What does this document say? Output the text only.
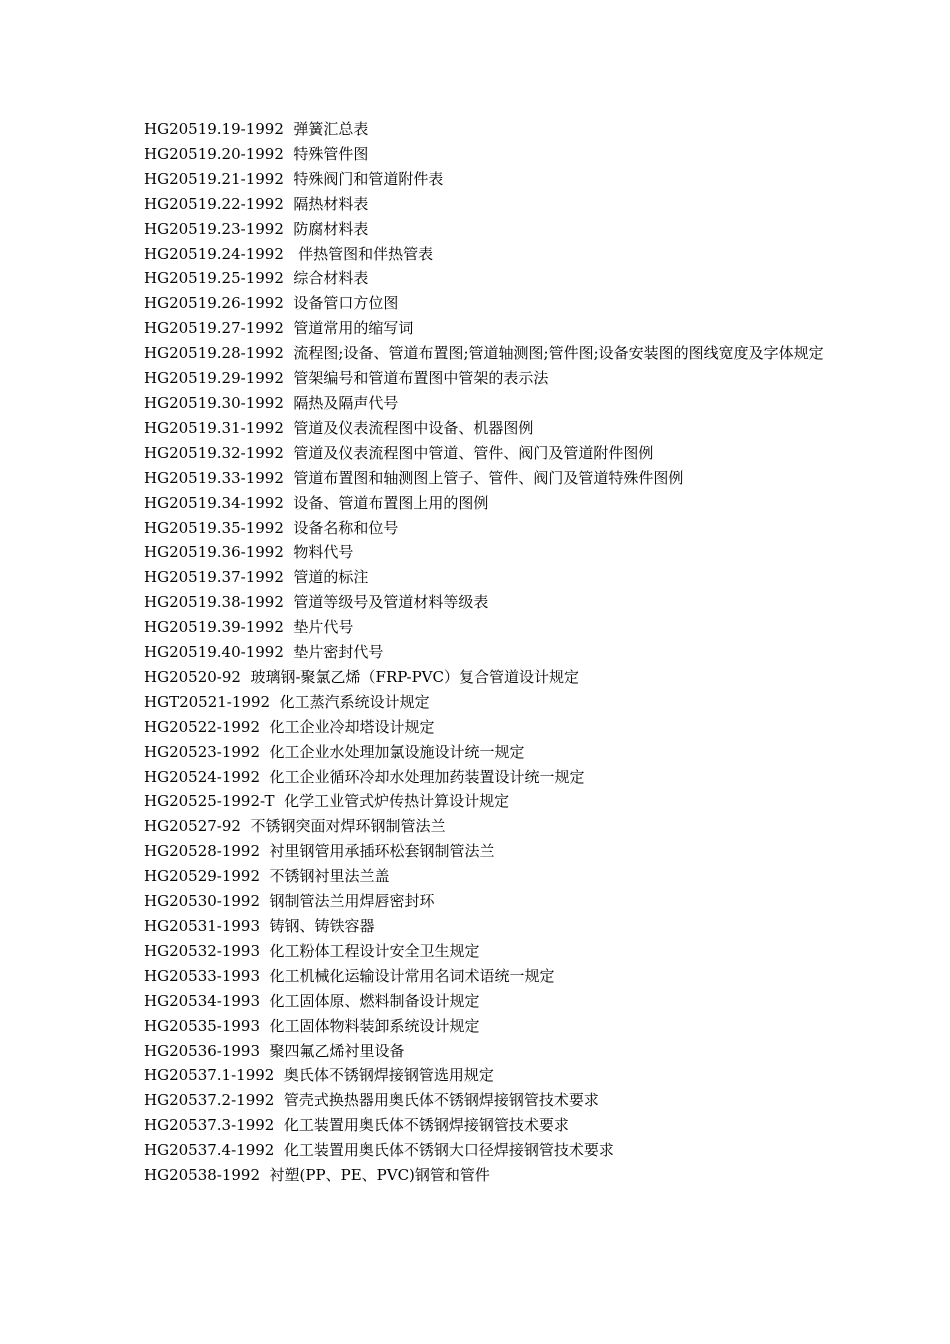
HG20519.19-1992  弹簧汇总表
HG20519.20-1992  特殊管件图
HG20519.21-1992  特殊阀门和管道附件表
HG20519.22-1992  隔热材料表
HG20519.23-1992  防腐材料表
HG20519.24-1992   伴热管图和伴热管表
HG20519.25-1992  综合材料表
HG20519.26-1992  设备管口方位图
HG20519.27-1992  管道常用的缩写词
HG20519.28-1992  流程图;设备、管道布置图;管道轴测图;管件图;设备安装图的图线宽度及字体规定
HG20519.29-1992  管架编号和管道布置图中管架的表示法
HG20519.30-1992  隔热及隔声代号
HG20519.31-1992  管道及仪表流程图中设备、机器图例
HG20519.32-1992  管道及仪表流程图中管道、管件、阀门及管道附件图例
HG20519.33-1992  管道布置图和轴测图上管子、管件、阀门及管道特殊件图例
HG20519.34-1992  设备、管道布置图上用的图例
HG20519.35-1992  设备名称和位号
HG20519.36-1992  物料代号
HG20519.37-1992  管道的标注
HG20519.38-1992  管道等级号及管道材料等级表
HG20519.39-1992  垫片代号
HG20519.40-1992  垫片密封代号
HG20520-92  玻璃钢-聚氯乙烯（FRP-PVC）复合管道设计规定
HGT20521-1992  化工蒸汽系统设计规定
HG20522-1992  化工企业冷却塔设计规定
HG20523-1992  化工企业水处理加氯设施设计统一规定
HG20524-1992  化工企业循环冷却水处理加药装置设计统一规定
HG20525-1992-T  化学工业管式炉传热计算设计规定
HG20527-92  不锈钢突面对焊环钢制管法兰
HG20528-1992  衬里钢管用承插环松套钢制管法兰
HG20529-1992  不锈钢衬里法兰盖
HG20530-1992  钢制管法兰用焊唇密封环
HG20531-1993  铸钢、铸铁容器
HG20532-1993  化工粉体工程设计安全卫生规定
HG20533-1993  化工机械化运输设计常用名词术语统一规定
HG20534-1993  化工固体原、燃料制备设计规定
HG20535-1993  化工固体物料装卸系统设计规定
HG20536-1993  聚四氟乙烯衬里设备
HG20537.1-1992  奥氏体不锈钢焊接钢管选用规定
HG20537.2-1992  管壳式换热器用奥氏体不锈钢焊接钢管技术要求
HG20537.3-1992  化工装置用奥氏体不锈钢焊接钢管技术要求
HG20537.4-1992  化工装置用奥氏体不锈钢大口径焊接钢管技术要求
HG20538-1992  衬塑(PP、PE、PVC)钢管和管件
